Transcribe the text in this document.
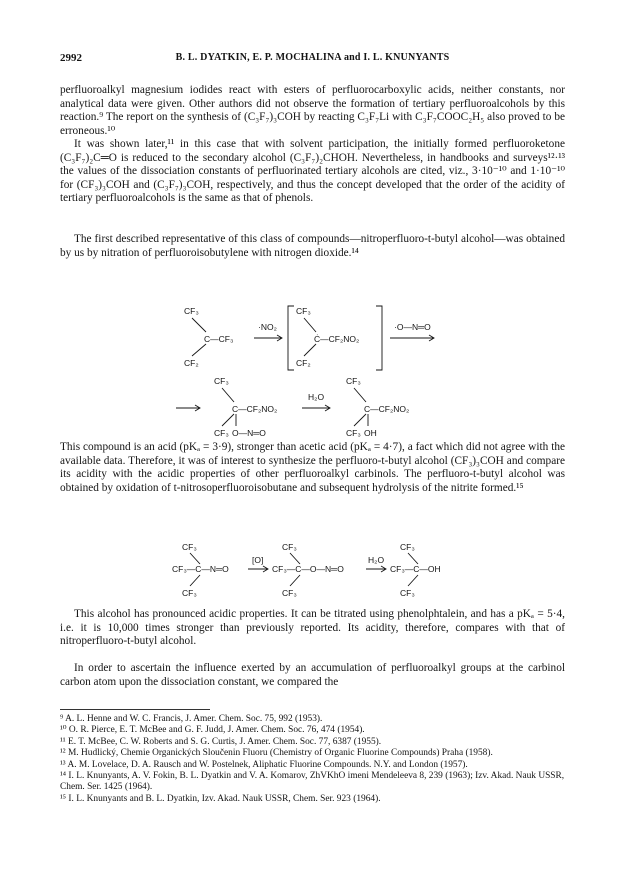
2992	B. L. DYATKIN, E. P. MOCHALINA and I. L. KNUNYANTS

perfluoroalkyl magnesium iodides react with esters of perfluorocarboxylic acids, neither constants, nor analytical data were given. Other authors did not observe the formation of tertiary perfluoroalcohols by this reaction.⁹ The report on the synthesis of (C₃F₇)₃COH by reacting C₃F₇Li with C₃F₇COOC₂H₅ also proved to be erroneous.¹⁰

It was shown later,¹¹ in this case that with solvent participation, the initially formed perfluoroketone (C₃F₇)₂C═O is reduced to the secondary alcohol (C₃F₇)₂CHOH. Nevertheless, in handbooks and surveys¹²·¹³ the values of the dissociation constants of perfluorinated tertiary alcohols are cited, viz., 3·10⁻¹⁰ and 1·10⁻¹⁰ for (CF₃)₃COH and (C₃F₇)₃COH, respectively, and thus the concept developed that the order of the acidity of tertiary perfluoroalcohols is the same as that of phenols.

The first described representative of this class of compounds—nitroperfluoro-t-butyl alcohol—was obtained by us by nitration of perfluoroisobutylene with nitrogen dioxide.¹⁴

CF₃
C—CF₃
CF₂
·NO₂
CF₃
Ċ—CF₂NO₂
CF₂
·O—N═O
CF₃
C—CF₂NO₂
CF₃ O—N═O
H₂O
CF₃
C—CF₂NO₂
CF₃ OH

This compound is an acid (pKₐ = 3·9), stronger than acetic acid (pKₐ = 4·7), a fact which did not agree with the available data. Therefore, it was of interest to synthesize the perfluoro-t-butyl alcohol (CF₃)₃COH and compare its acidity with the acidic properties of other perfluoroalkyl carbinols. The perfluoro-t-butyl alcohol was obtained by oxidation of t-nitrosoperfluoroisobutane and subsequent hydrolysis of the nitrite formed.¹⁵

CF₃
CF₃—C—N═O
CF₃
[O]
CF₃
CF₃—C—O—N═O
CF₃
H₂O
CF₃
CF₃—C—OH
CF₃

This alcohol has pronounced acidic properties. It can be titrated using phenolphtalein, and has a pKₐ = 5·4, i.e. it is 10,000 times stronger than previously reported. Its acidity, therefore, compares with that of nitroperfluoro-t-butyl alcohol.

In order to ascertain the influence exerted by an accumulation of perfluoroalkyl groups at the carbinol carbon atom upon the dissociation constant, we compared the

⁹ A. L. Henne and W. C. Francis, J. Amer. Chem. Soc. 75, 992 (1953).
¹⁰ O. R. Pierce, E. T. McBee and G. F. Judd, J. Amer. Chem. Soc. 76, 474 (1954).
¹¹ E. T. McBee, C. W. Roberts and S. G. Curtis, J. Amer. Chem. Soc. 77, 6387 (1955).
¹² M. Hudlický, Chemie Organických Sloučenin Fluoru (Chemistry of Organic Fluorine Compounds) Praha (1958).
¹³ A. M. Lovelace, D. A. Rausch and W. Postelnek, Aliphatic Fluorine Compounds. N.Y. and London (1957).
¹⁴ I. L. Knunyants, A. V. Fokin, B. L. Dyatkin and V. A. Komarov, ZhVKhO imeni Mendeleeva 8, 239 (1963); Izv. Akad. Nauk USSR, Chem. Ser. 1425 (1964).
¹⁵ I. L. Knunyants and B. L. Dyatkin, Izv. Akad. Nauk USSR, Chem. Ser. 923 (1964).
